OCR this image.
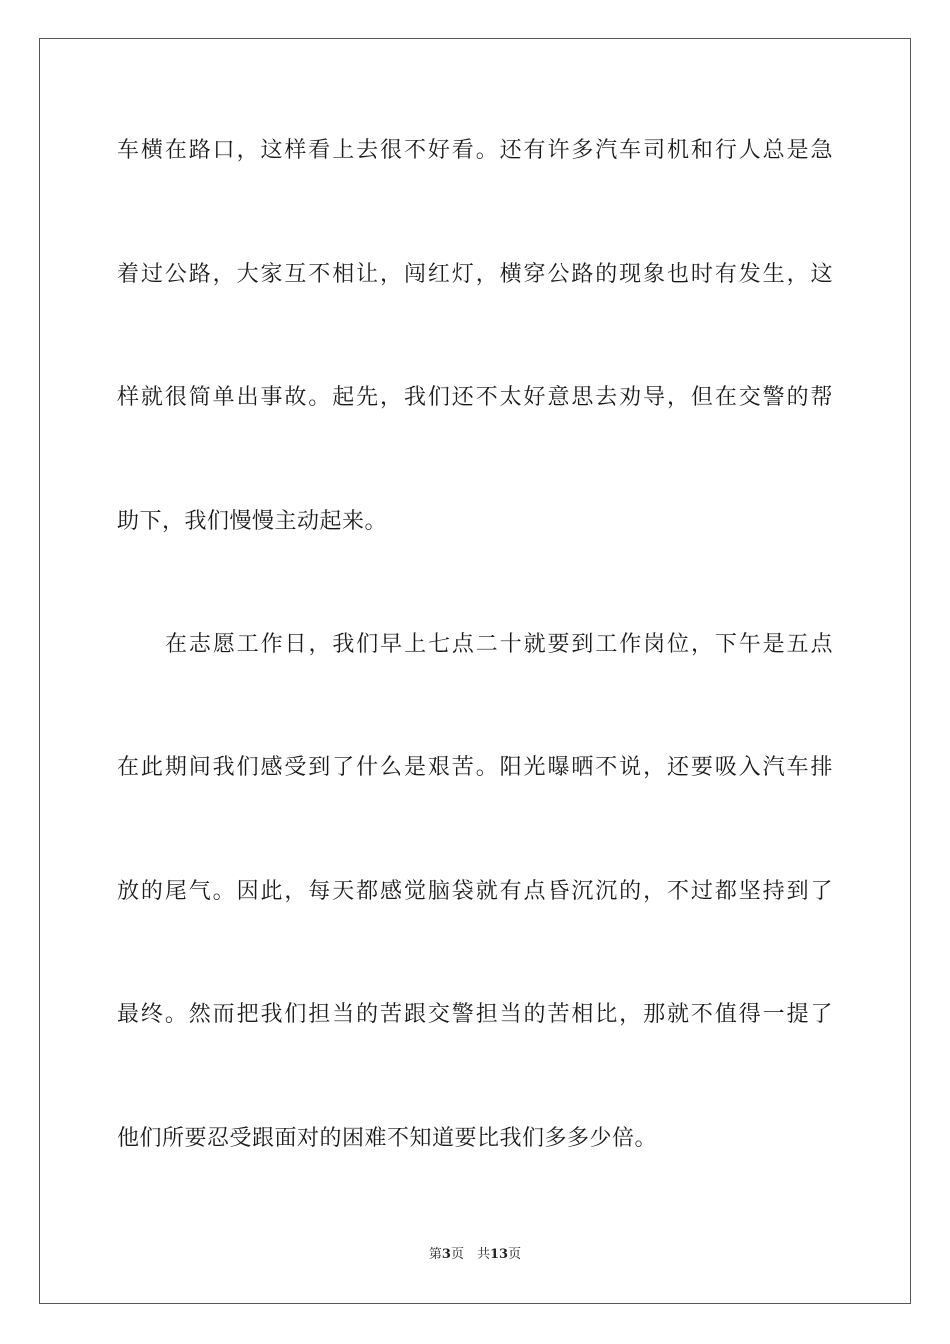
车横在路口，这样看上去很不好看。还有许多汽车司机和行人总是急
着过公路，大家互不相让，闯红灯，横穿公路的现象也时有发生，这
样就很简单出事故。起先，我们还不太好意思去劝导，但在交警的帮
助下，我们慢慢主动起来。
在志愿工作日，我们早上七点二十就要到工作岗位，下午是五点
在此期间我们感受到了什么是艰苦。阳光曝晒不说，还要吸入汽车排
放的尾气。因此，每天都感觉脑袋就有点昏沉沉的，不过都坚持到了
最终。然而把我们担当的苦跟交警担当的苦相比，那就不值得一提了
他们所要忍受跟面对的困难不知道要比我们多多少倍。
第3页　共13页
